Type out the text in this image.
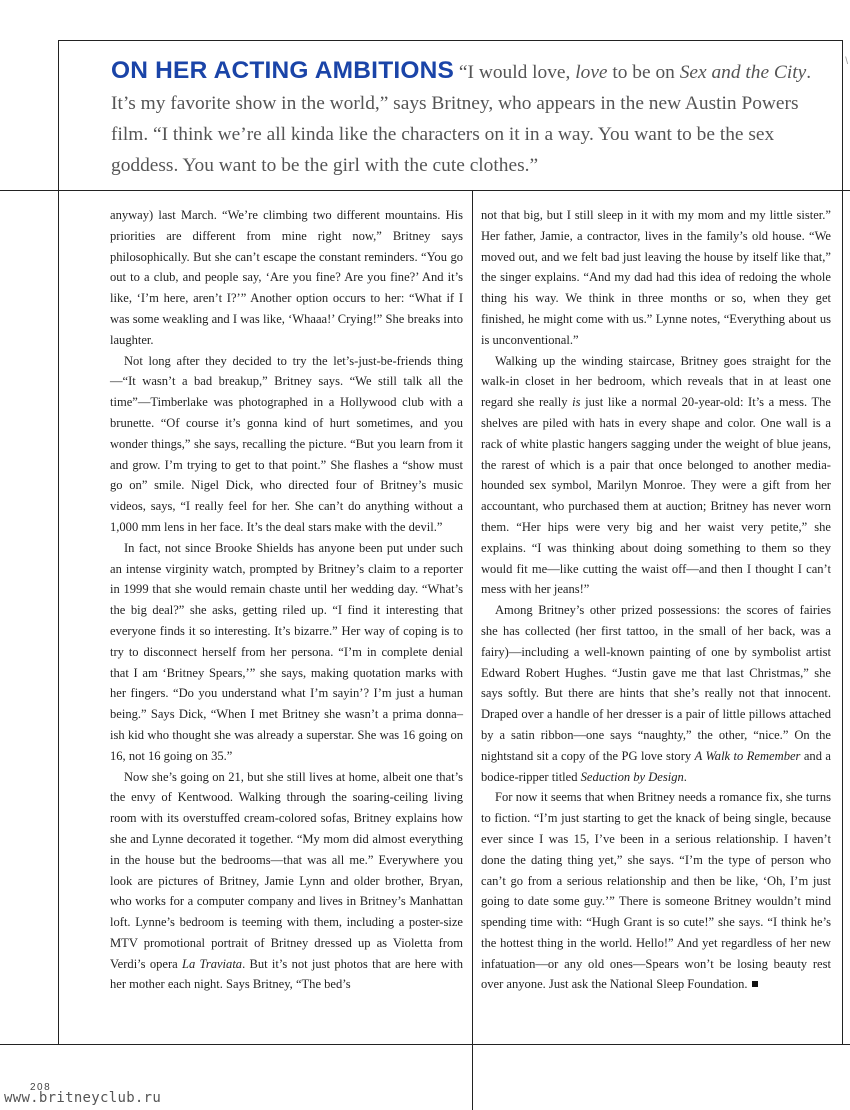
\

ON HER ACTING AMBITIONS “I would love, love to be on Sex and the City. It’s my favorite show in the world,” says Britney, who appears in the new Austin Powers film. “I think we’re all kinda like the characters on it in a way. You want to be the sex goddess. You want to be the girl with the cute clothes.”

anyway) last March. “We’re climbing two different mountains. His priorities are different from mine right now,” Britney says philosophically. But she can’t escape the constant reminders. “You go out to a club, and people say, ‘Are you fine? Are you fine?’ And it’s like, ‘I’m here, aren’t I?’” Another option occurs to her: “What if I was some weakling and I was like, ‘Whaaa!’ Crying!” She breaks into laughter.

Not long after they decided to try the let’s-just-be-friends thing—“It wasn’t a bad breakup,” Britney says. “We still talk all the time”—Timberlake was photographed in a Hollywood club with a brunette. “Of course it’s gonna kind of hurt sometimes, and you wonder things,” she says, recalling the picture. “But you learn from it and grow. I’m trying to get to that point.” She flashes a “show must go on” smile. Nigel Dick, who directed four of Britney’s music videos, says, “I really feel for her. She can’t do anything without a 1,000 mm lens in her face. It’s the deal stars make with the devil.”

In fact, not since Brooke Shields has anyone been put under such an intense virginity watch, prompted by Britney’s claim to a reporter in 1999 that she would remain chaste until her wedding day. “What’s the big deal?” she asks, getting riled up. “I find it interesting that everyone finds it so interesting. It’s bizarre.” Her way of coping is to try to disconnect herself from her persona. “I’m in complete denial that I am ‘Britney Spears,’” she says, making quotation marks with her fingers. “Do you understand what I’m sayin’? I’m just a human being.” Says Dick, “When I met Britney she wasn’t a prima donna–ish kid who thought she was already a superstar. She was 16 going on 16, not 16 going on 35.”

Now she’s going on 21, but she still lives at home, albeit one that’s the envy of Kentwood. Walking through the soaring-ceiling living room with its overstuffed cream-colored sofas, Britney explains how she and Lynne decorated it together. “My mom did almost everything in the house but the bedrooms—that was all me.” Everywhere you look are pictures of Britney, Jamie Lynn and older brother, Bryan, who works for a computer company and lives in Britney’s Manhattan loft. Lynne’s bedroom is teeming with them, including a poster-size MTV promotional portrait of Britney dressed up as Violetta from Verdi’s opera La Traviata. But it’s not just photos that are here with her mother each night. Says Britney, “The bed’s

not that big, but I still sleep in it with my mom and my little sister.” Her father, Jamie, a contractor, lives in the family’s old house. “We moved out, and we felt bad just leaving the house by itself like that,” the singer explains. “And my dad had this idea of redoing the whole thing his way. We think in three months or so, when they get finished, he might come with us.” Lynne notes, “Everything about us is unconventional.”

Walking up the winding staircase, Britney goes straight for the walk-in closet in her bedroom, which reveals that in at least one regard she really is just like a normal 20-year-old: It’s a mess. The shelves are piled with hats in every shape and color. One wall is a rack of white plastic hangers sagging under the weight of blue jeans, the rarest of which is a pair that once belonged to another media-hounded sex symbol, Marilyn Monroe. They were a gift from her accountant, who purchased them at auction; Britney has never worn them. “Her hips were very big and her waist very petite,” she explains. “I was thinking about doing something to them so they would fit me—like cutting the waist off—and then I thought I can’t mess with her jeans!”

Among Britney’s other prized possessions: the scores of fairies she has collected (her first tattoo, in the small of her back, was a fairy)—including a well-known painting of one by symbolist artist Edward Robert Hughes. “Justin gave me that last Christmas,” she says softly. But there are hints that she’s really not that innocent. Draped over a handle of her dresser is a pair of little pillows attached by a satin ribbon—one says “naughty,” the other, “nice.” On the nightstand sit a copy of the PG love story A Walk to Remember and a bodice-ripper titled Seduction by Design.

For now it seems that when Britney needs a romance fix, she turns to fiction. “I’m just starting to get the knack of being single, because ever since I was 15, I’ve been in a serious relationship. I haven’t done the dating thing yet,” she says. “I’m the type of person who can’t go from a serious relationship and then be like, ‘Oh, I’m just going to date some guy.’” There is someone Britney wouldn’t mind spending time with: “Hugh Grant is so cute!” she says. “I think he’s the hottest thing in the world. Hello!” And yet regardless of her new infatuation—or any old ones—Spears won’t be losing beauty rest over anyone. Just ask the National Sleep Foundation.

208
www.britneyclub.ru
